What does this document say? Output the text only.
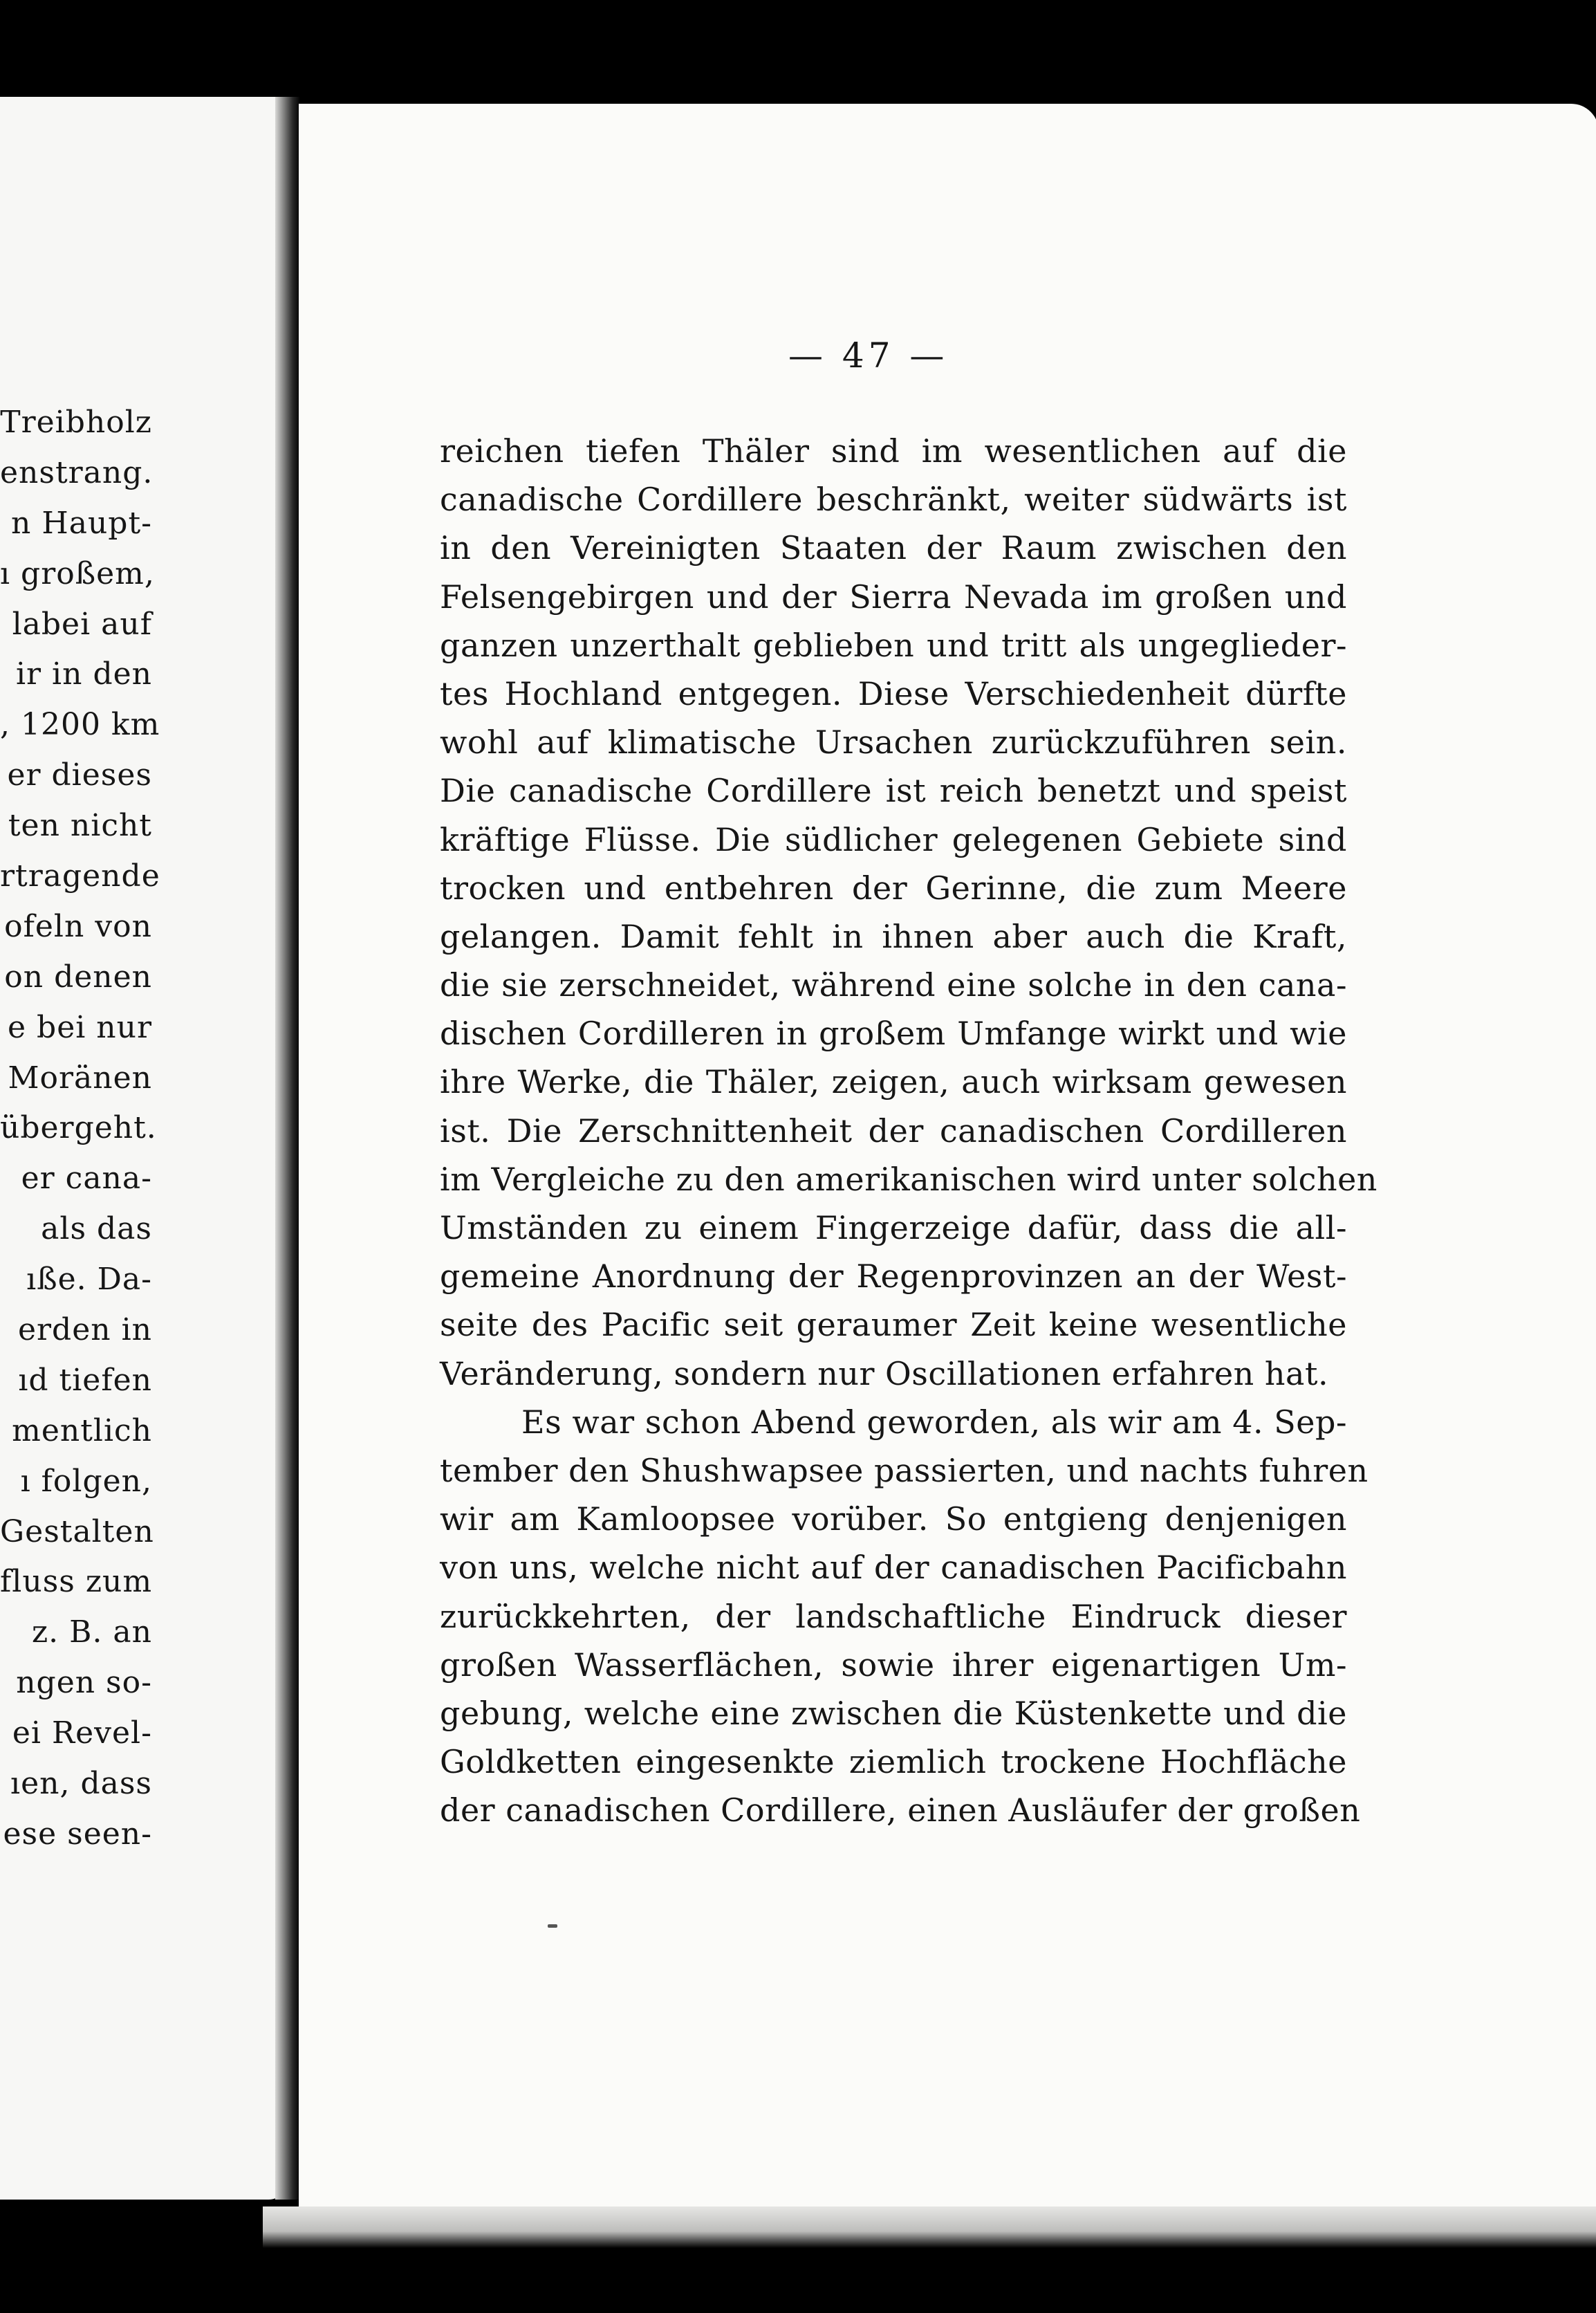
Treibholz
enstrang.
n Haupt-
ı großem,
labei auf
ir in den
, 1200 km
er dieses
ten nicht
rtragende
ofeln von
on denen
e bei nur
Moränen
übergeht.
er cana-
als das
ıße. Da-
erden in
ıd tiefen
mentlich
ı folgen,
Gestalten
fluss zum
z. B. an
ngen so-
ei Revel-
ıen, dass
ese seen-
— 47 —
reichen tiefen Thäler sind im wesentlichen auf die
canadische Cordillere beschränkt, weiter südwärts ist
in den Vereinigten Staaten der Raum zwischen den
Felsengebirgen und der Sierra Nevada im großen und
ganzen unzerthalt geblieben und tritt als ungeglieder-
tes Hochland entgegen. Diese Verschiedenheit dürfte
wohl auf klimatische Ursachen zurückzuführen sein.
Die canadische Cordillere ist reich benetzt und speist
kräftige Flüsse. Die südlicher gelegenen Gebiete sind
trocken und entbehren der Gerinne, die zum Meere
gelangen. Damit fehlt in ihnen aber auch die Kraft,
die sie zerschneidet, während eine solche in den cana-
dischen Cordilleren in großem Umfange wirkt und wie
ihre Werke, die Thäler, zeigen, auch wirksam gewesen
ist. Die Zerschnittenheit der canadischen Cordilleren
im Vergleiche zu den amerikanischen wird unter solchen
Umständen zu einem Fingerzeige dafür, dass die all-
gemeine Anordnung der Regenprovinzen an der West-
seite des Pacific seit geraumer Zeit keine wesentliche
Veränderung, sondern nur Oscillationen erfahren hat.
Es war schon Abend geworden, als wir am 4. Sep-
tember den Shushwapsee passierten, und nachts fuhren
wir am Kamloopsee vorüber. So entgieng denjenigen
von uns, welche nicht auf der canadischen Pacificbahn
zurückkehrten, der landschaftliche Eindruck dieser
großen Wasserflächen, sowie ihrer eigenartigen Um-
gebung, welche eine zwischen die Küstenkette und die
Goldketten eingesenkte ziemlich trockene Hochfläche
der canadischen Cordillere, einen Ausläufer der großen
